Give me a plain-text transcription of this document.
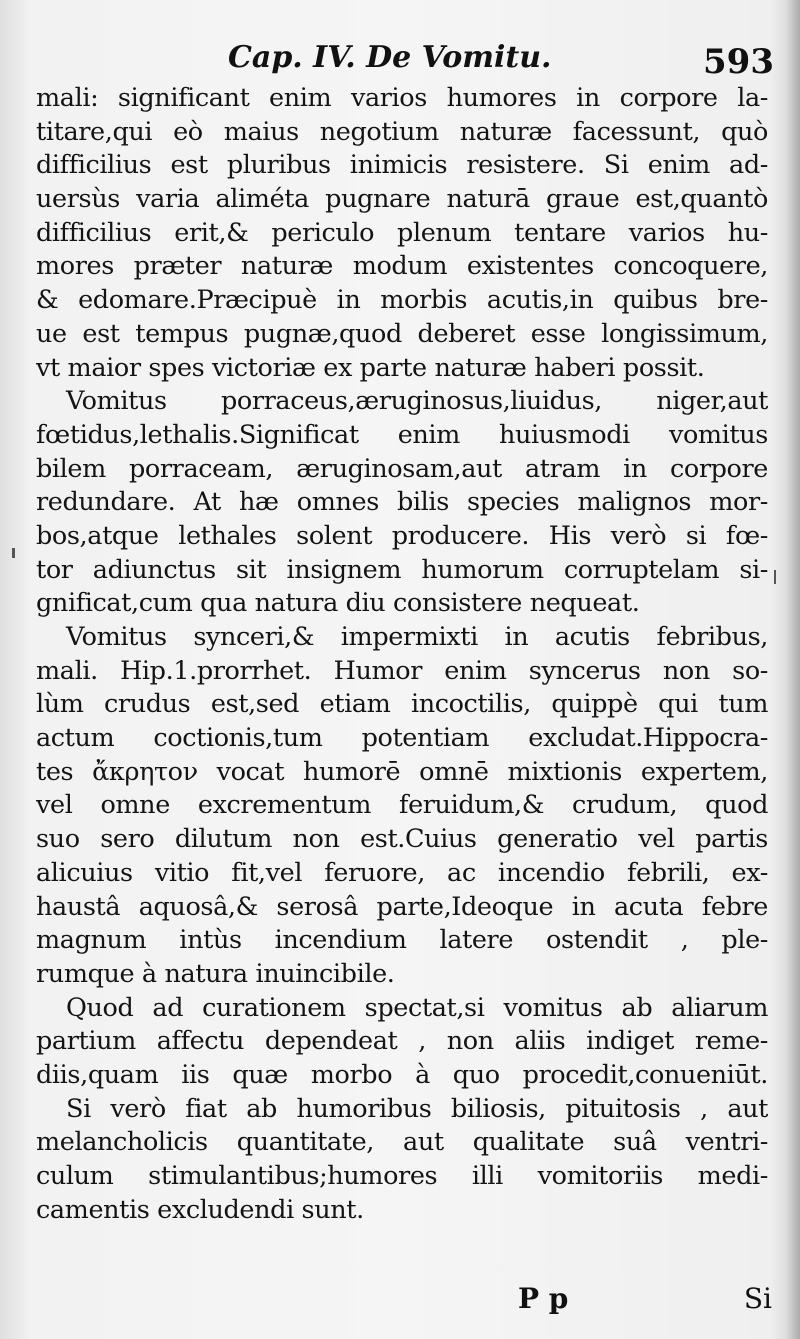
Cap. IV. De Vomitu.	593
mali: significant enim varios humores in corpore la-
titare,qui eò maius negotium naturæ facessunt, quò
difficilius est pluribus inimicis resistere. Si enim ad-
uersùs varia aliméta pugnare naturā graue est,quantò
difficilius erit,& periculo plenum tentare varios hu-
mores præter naturæ modum existentes concoquere,
& edomare.Præcipuè in morbis acutis,in quibus bre-
ue est tempus pugnæ,quod deberet esse longissimum,
vt maior spes victoriæ ex parte naturæ haberi possit.
Vomitus porraceus,æruginosus,liuidus, niger,aut
fœtidus,lethalis.Significat enim huiusmodi vomitus
bilem porraceam, æruginosam,aut atram in corpore
redundare. At hæ omnes bilis species malignos mor-
bos,atque lethales solent producere. His verò si fœ-
tor adiunctus sit insignem humorum corruptelam si-
gnificat,cum qua natura diu consistere nequeat.
Vomitus synceri,& impermixti in acutis febribus,
mali. Hip.1.prorrhet. Humor enim syncerus non so-
lùm crudus est,sed etiam incoctilis, quippè qui tum
actum coctionis,tum potentiam excludat.Hippocra-
tes ἄκρητον vocat humorē omnē mixtionis expertem,
vel omne excrementum feruidum,& crudum, quod
suo sero dilutum non est.Cuius generatio vel partis
alicuius vitio fit,vel feruore, ac incendio febrili, ex-
haustâ aquosâ,& serosâ parte,Ideoque in acuta febre
magnum intùs incendium latere ostendit , ple-
rumque à natura inuincibile.
Quod ad curationem spectat,si vomitus ab aliarum
partium affectu dependeat , non aliis indiget reme-
diis,quam iis quæ morbo à quo procedit,conueniūt.
Si verò fiat ab humoribus biliosis, pituitosis , aut
melancholicis quantitate, aut qualitate suâ ventri-
culum stimulantibus;humores illi vomitoriis medi-
camentis excludendi sunt.
P p	Si
